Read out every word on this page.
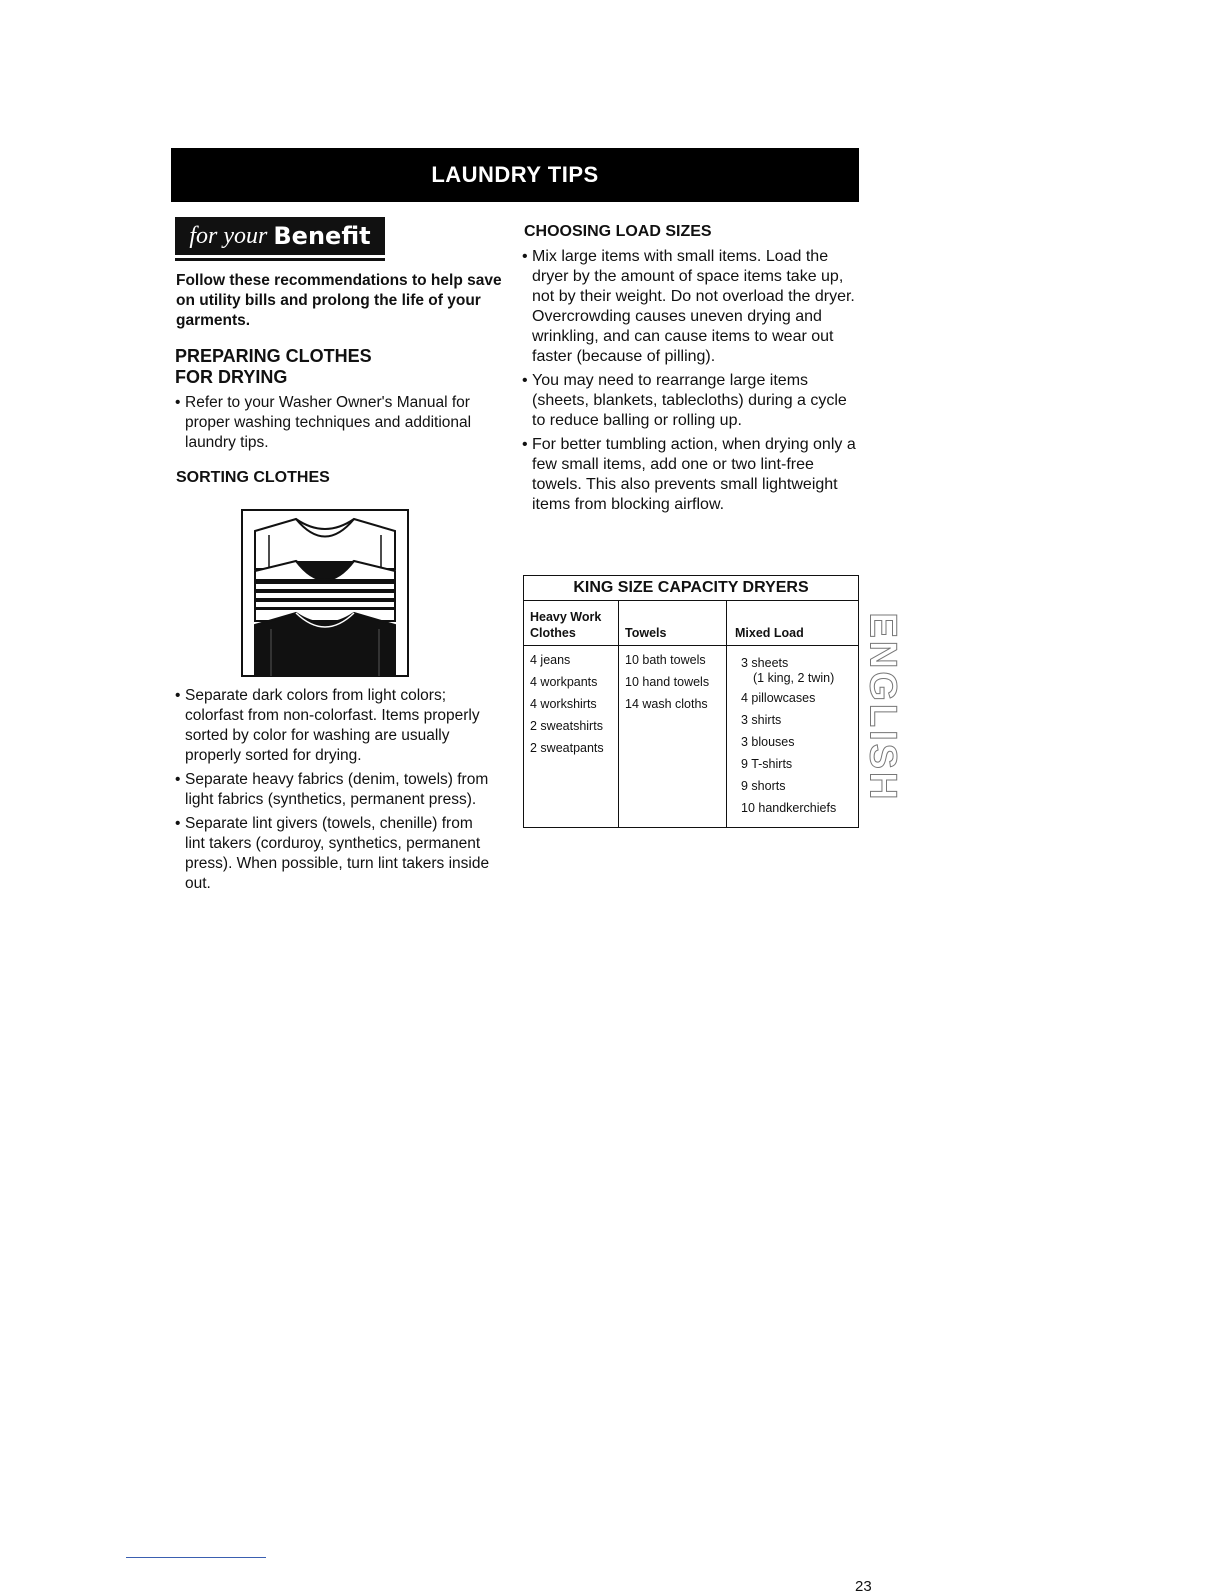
LAUNDRY TIPS
for your Benefit
Follow these recommendations to help save on utility bills and prolong the life of your garments.
PREPARING CLOTHES
FOR DRYING
• Refer to your Washer Owner's Manual for proper washing techniques and additional laundry tips.
SORTING CLOTHES
• Separate dark colors from light colors; colorfast from non-colorfast. Items properly sorted by color for washing are usually properly sorted for drying.
• Separate heavy fabrics (denim, towels) from light fabrics (synthetics, permanent press).
• Separate lint givers (towels, chenille) from lint takers (corduroy, synthetics, permanent press). When possible, turn lint takers inside out.
CHOOSING LOAD SIZES
• Mix large items with small items. Load the dryer by the amount of space items take up, not by their weight. Do not overload the dryer. Overcrowding causes uneven drying and wrinkling, and can cause items to wear out faster (because of pilling).
• You may need to rearrange large items (sheets, blankets, tablecloths) during a cycle to reduce balling or rolling up.
• For better tumbling action, when drying only a few small items, add one or two lint-free towels. This also prevents small lightweight items from blocking airflow.
KING SIZE CAPACITY DRYERS
Heavy Work
Clothes
4 jeans
4 workpants
4 workshirts
2 sweatshirts
2 sweatpants
Towels
10 bath towels
10 hand towels
14 wash cloths
Mixed Load
3 sheets
(1 king, 2 twin)
4 pillowcases
3 shirts
3 blouses
9 T-shirts
9 shorts
10 handkerchiefs
ENGLISH
23
